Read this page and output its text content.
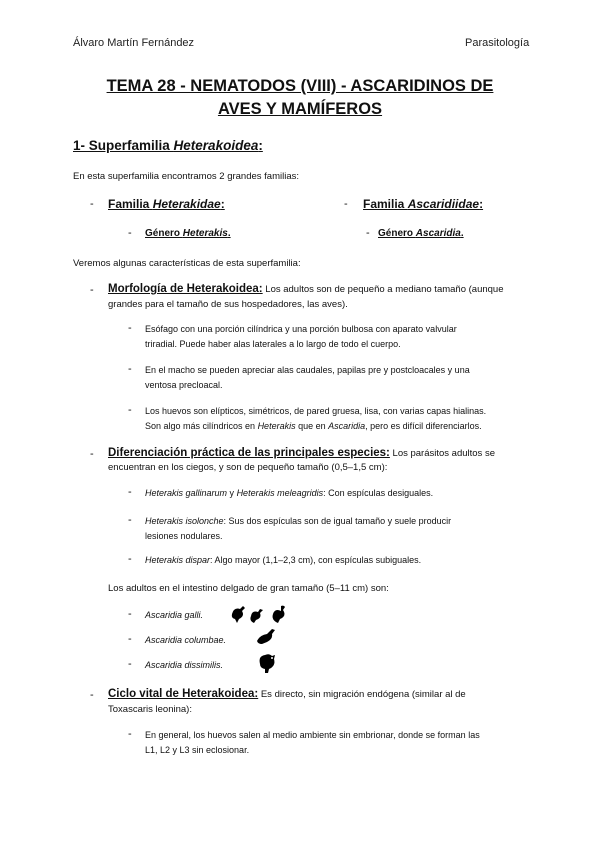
Álvaro Martín Fernández	Parasitología
TEMA 28 - NEMATODOS (VIII) - ASCARIDINOS DE
AVES Y MAMÍFEROS
1- Superfamilia Heterakoidea:
En esta superfamilia encontramos 2 grandes familias:
- Familia Heterakidae:	- Familia Ascaridiidae:
- Género Heterakis.	- Género Ascaridia.
Veremos algunas características de esta superfamilia:
- Morfología de Heterakoidea: Los adultos son de pequeño a mediano tamaño (aunque
grandes para el tamaño de sus hospedadores, las aves).
- Esófago con una porción cilíndrica y una porción bulbosa con aparato valvular
triradial. Puede haber alas laterales a lo largo de todo el cuerpo.
- En el macho se pueden apreciar alas caudales, papilas pre y postcloacales y una
ventosa precloacal.
- Los huevos son elípticos, simétricos, de pared gruesa, lisa, con varias capas hialinas.
Son algo más cilíndricos en Heterakis que en Ascaridia, pero es difícil diferenciarlos.
- Diferenciación práctica de las principales especies: Los parásitos adultos se
encuentran en los ciegos, y son de pequeño tamaño (0,5–1,5 cm):
- Heterakis gallinarum y Heterakis meleagridis: Con espículas desiguales.
- Heterakis isolonche: Sus dos espículas son de igual tamaño y suele producir
lesiones nodulares.
- Heterakis dispar: Algo mayor (1,1–2,3 cm), con espículas subiguales.
Los adultos en el intestino delgado de gran tamaño (5–11 cm) son:
- Ascaridia galli.
- Ascaridia columbae.
- Ascaridia dissimilis.
- Ciclo vital de Heterakoidea: Es directo, sin migración endógena (similar al de
Toxascaris leonina):
- En general, los huevos salen al medio ambiente sin embrionar, donde se forman las
L1, L2 y L3 sin eclosionar.
